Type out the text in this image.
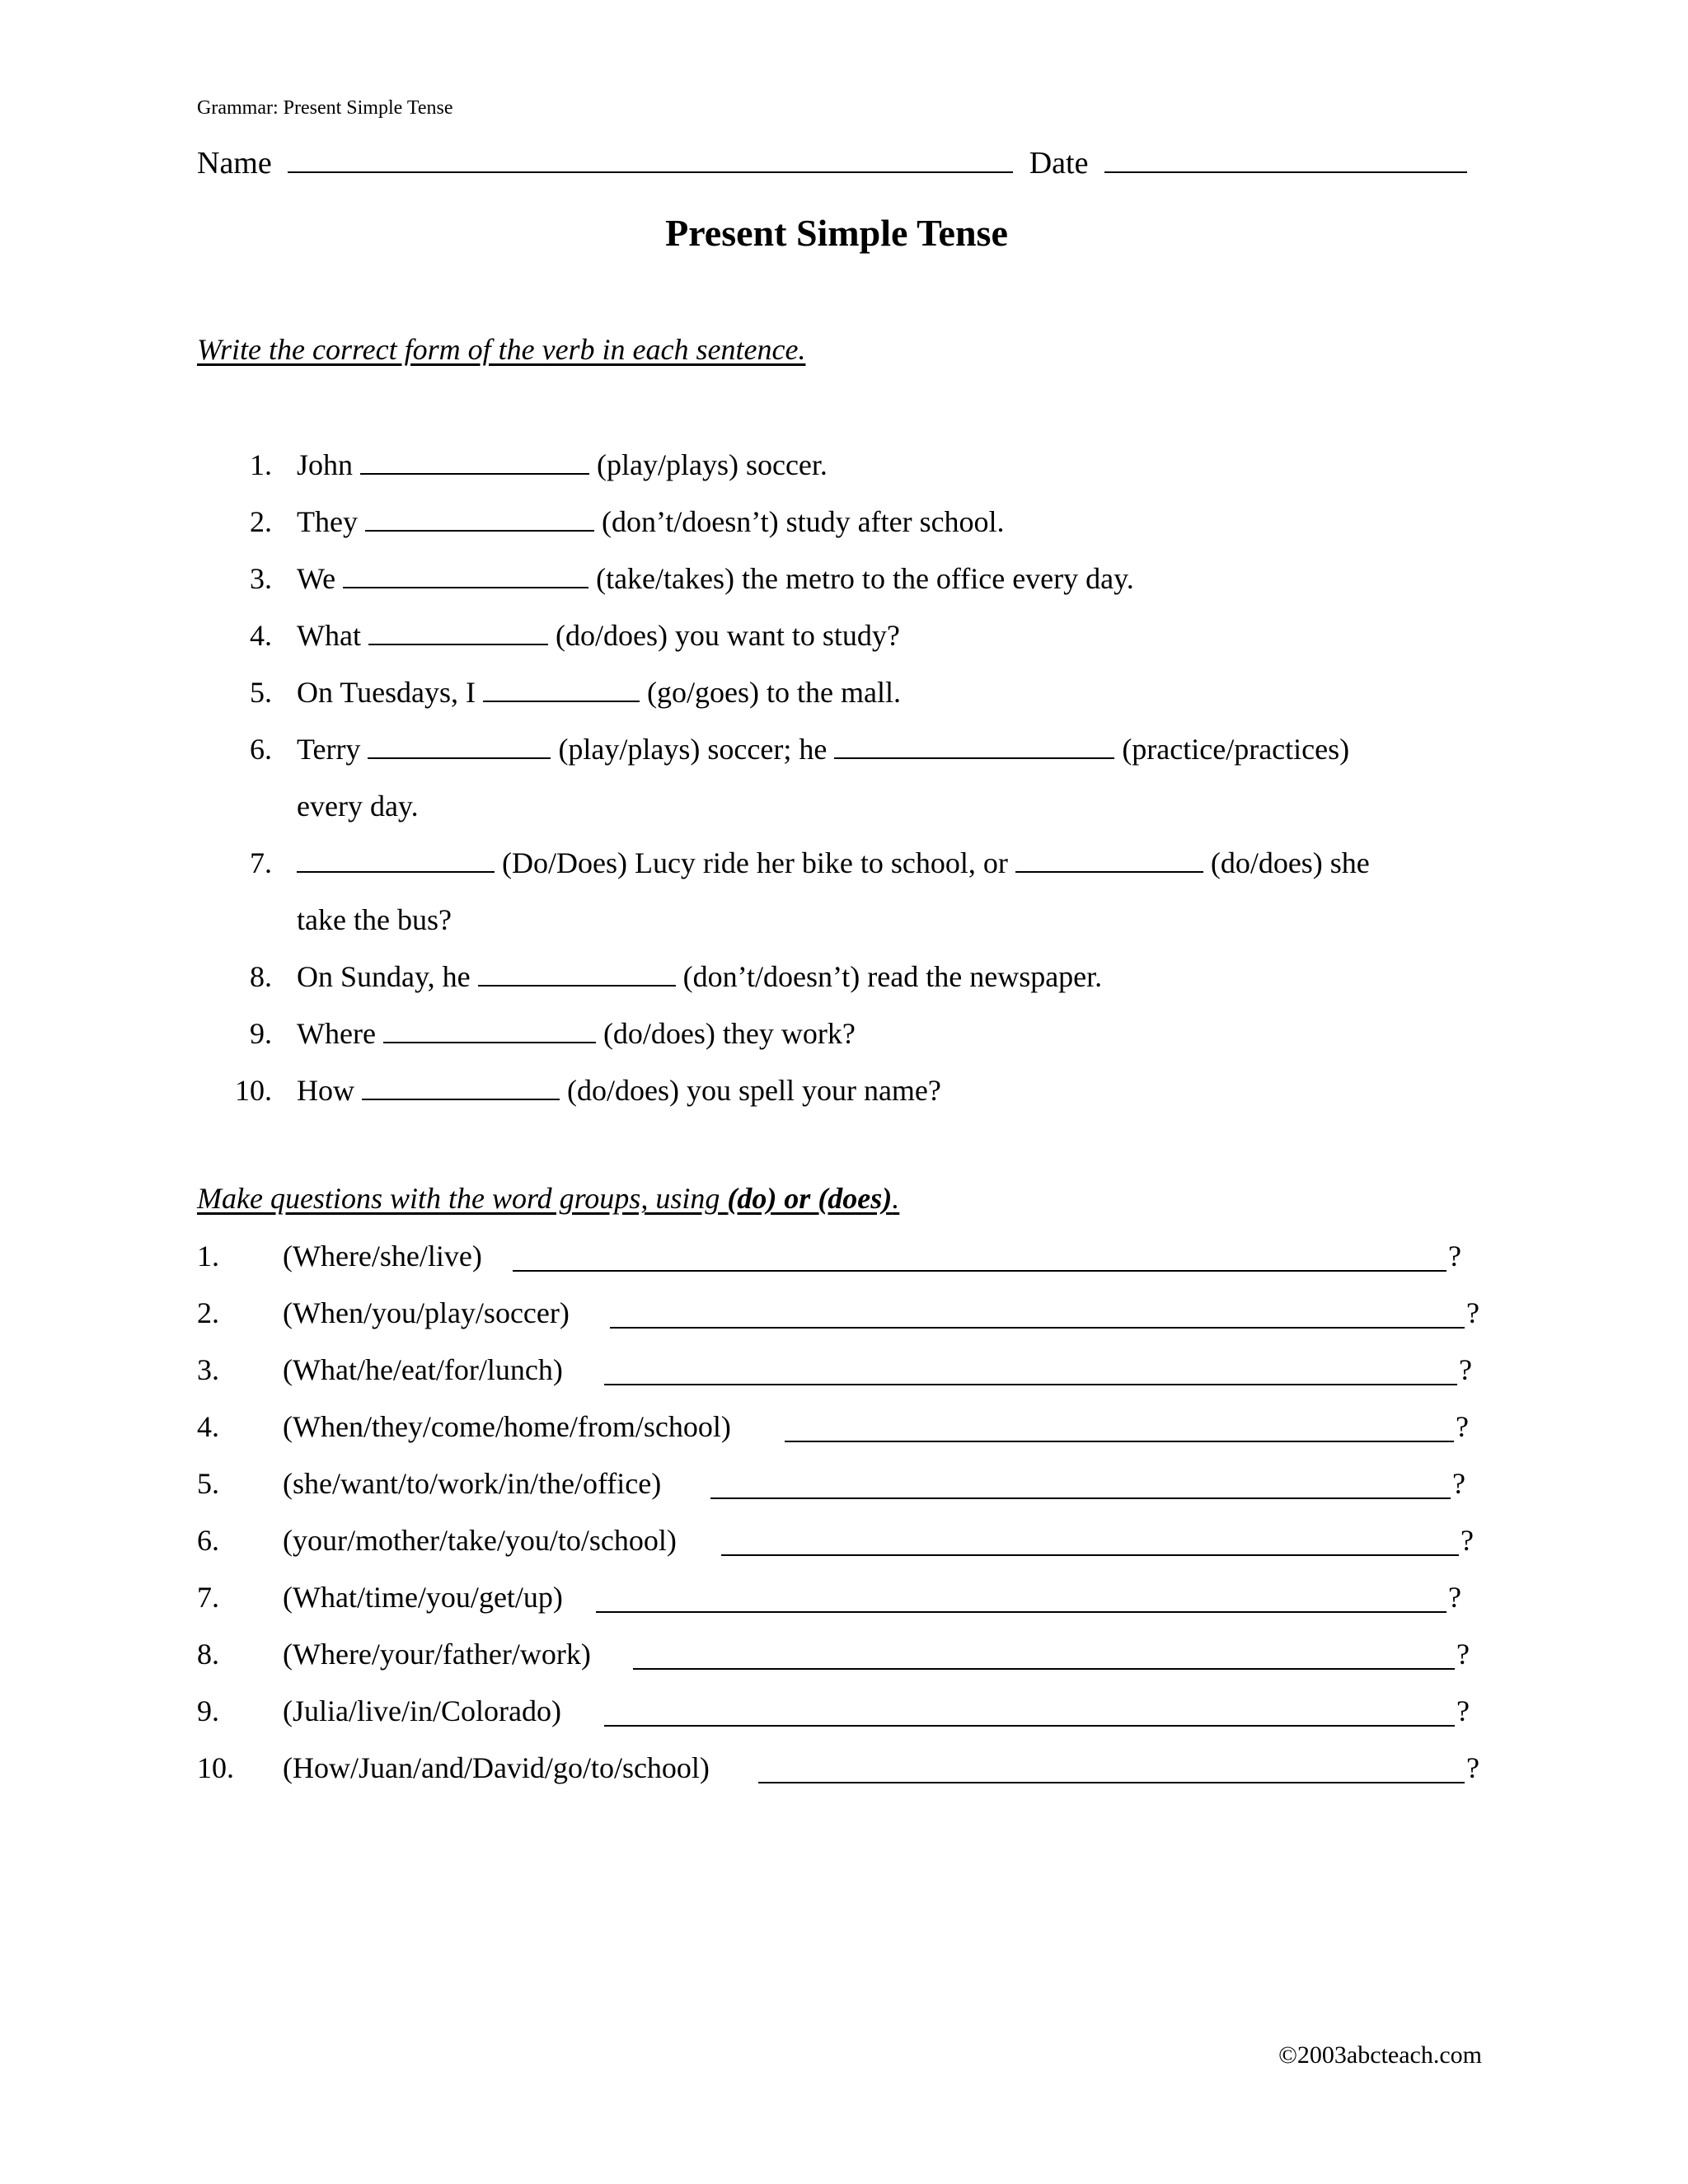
Grammar: Present Simple Tense
Name	Date
Present Simple Tense
Write the correct form of the verb in each sentence.
1. John	(play/plays) soccer.
2. They	(don’t/doesn’t) study after school.
3. We	(take/takes) the metro to the office every day.
4. What	(do/does) you want to study?
5. On Tuesdays, I	(go/goes) to the mall.
6. Terry	(play/plays) soccer; he	(practice/practices)
every day.
7.	(Do/Does) Lucy ride her bike to school, or	(do/does) she
take the bus?
8. On Sunday, he	(don’t/doesn’t) read the newspaper.
9. Where	(do/does) they work?
10. How	(do/does) you spell your name?
Make questions with the word groups, using (do) or (does).
1. (Where/she/live)	?
2. (When/you/play/soccer)	?
3. (What/he/eat/for/lunch)	?
4. (When/they/come/home/from/school)	?
5. (she/want/to/work/in/the/office)	?
6. (your/mother/take/you/to/school)	?
7. (What/time/you/get/up)	?
8. (Where/your/father/work)	?
9. (Julia/live/in/Colorado)	?
10. (How/Juan/and/David/go/to/school)	?
©2003abcteach.com
